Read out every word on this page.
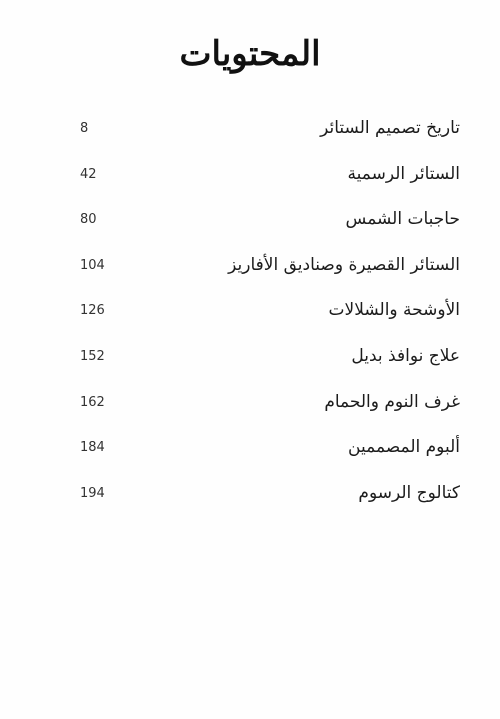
المحتويات
تاريخ تصميم الستائر
8
الستائر الرسمية
42
حاجبات الشمس
80
الستائر القصيرة وصناديق الأفاريز
104
الأوشحة والشلالات
126
علاج نوافذ بديل
152
غرف النوم والحمام
162
ألبوم المصممين
184
كتالوج الرسوم
194
